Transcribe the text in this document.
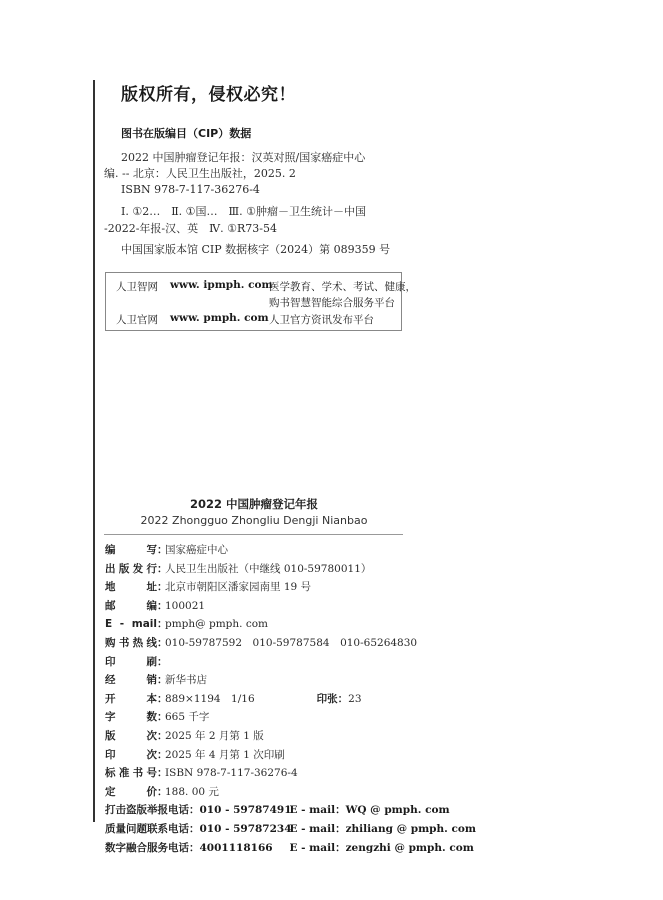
版权所有，侵权必究！
图书在版编目（CIP）数据
2022 中国肿瘤登记年报：汉英对照/国家癌症中心
编. -- 北京：人民卫生出版社，2025. 2
ISBN 978-7-117-36276-4
Ⅰ. ①2…　Ⅱ. ①国…　Ⅲ. ①肿瘤－卫生统计－中国
-2022-年报-汉、英　Ⅳ. ①R73-54
中国国家版本馆 CIP 数据核字（2024）第 089359 号
人卫智网 www. ipmph. com
医学教育、学术、考试、健康，
购书智慧智能综合服务平台
人卫官网 www. pmph. com 人卫官方资讯发布平台
2022 中国肿瘤登记年报
2022 Zhongguo Zhongliu Dengji Nianbao
编	写 ：
国家癌症中心
出 版 发 行 ：
人民卫生出版社（中继线 010-59780011）
地	址 ：
北京市朝阳区潘家园南里 19 号
邮	编 ：
100021
E - mail ：
pmph@ pmph. com
购 书 热 线 ：
010-59787592　010-59787584　010-65264830
印	刷 ：
经	销 ：
新华书店
开	本 ：
889×1194　1/16	印张： 23
字	数 ：
665 千字
版	次 ：
2025 年 2 月第 1 版
印	次 ：
2025 年 4 月第 1 次印刷
标 准 书 号 ：
ISBN 978-7-117-36276-4
定	价 ：
188. 00 元
打击盗版举报电话： 010 - 59787491
E - mail： WQ @ pmph. com
质量问题联系电话： 010 - 59787234
E - mail： zhiliang @ pmph. com
数字融合服务电话： 4001118166	E - mail： zengzhi @ pmph. com
